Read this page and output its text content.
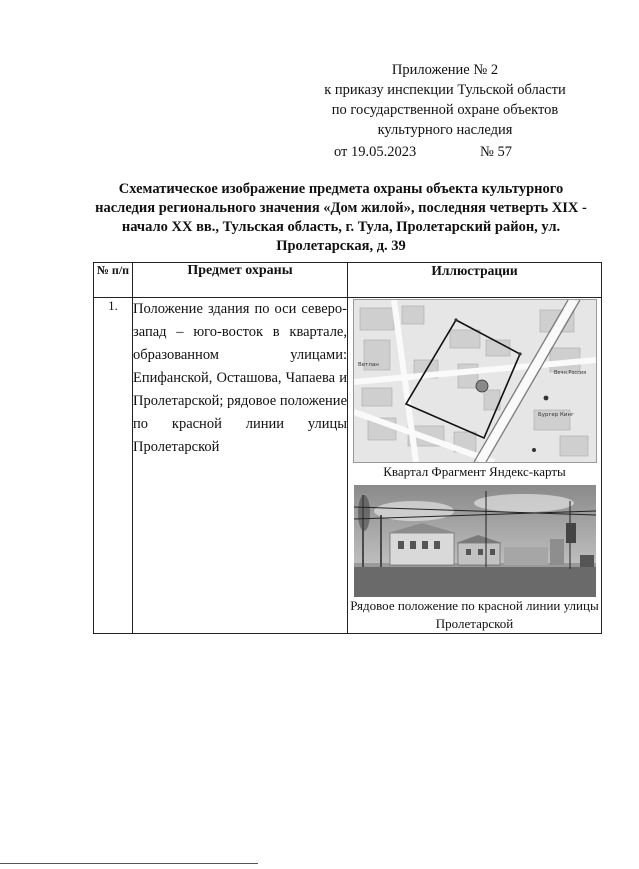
Приложение № 2
к приказу инспекции Тульской области
по государственной охране объектов
культурного наследия
от 19.05.2023	№ 57
Схематическое изображение предмета охраны объекта культурного наследия регионального значения «Дом жилой», последняя четверть XIX - начало XX вв., Тульская область, г. Тула, Пролетарский район, ул. Пролетарская, д. 39
№ п/п	Предмет охраны	Иллюстрации
1.	Положение здания по оси северо-запад – юго-восток в квартале, образованном улицами: Епифанской, Осташова, Чапаева и Пролетарской; рядовое положение по красной линии улицы Пролетарской	Ветлан
Бургер Кинг
Вечн.Россия
Квартал Фрагмент Яндекс-карты
Рядовое положение по красной линии улицы Пролетарской
